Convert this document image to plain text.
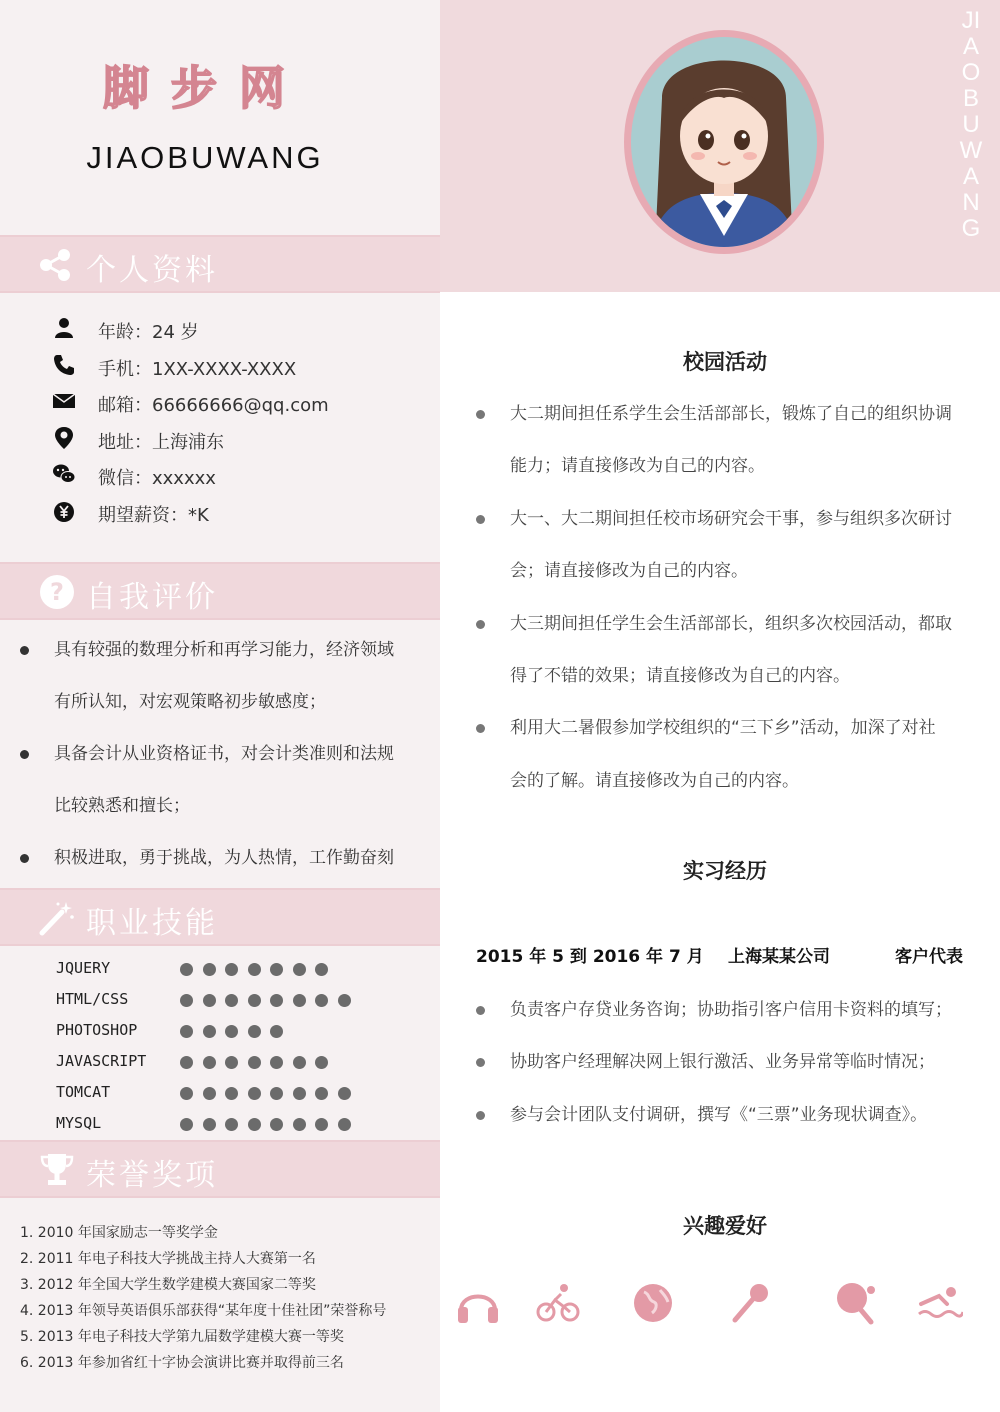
脚步网
JIAOBUWANG
个人资料
年龄：24 岁
手机：1XX-XXXX-XXXX
邮箱：66666666@qq.com
地址：上海浦东
微信：xxxxxx
期望薪资：*K
? 自我评价
具有较强的数理分析和再学习能力，经济领域
有所认知，对宏观策略初步敏感度；
具备会计从业资格证书，对会计类准则和法规
比较熟悉和擅长；
积极进取，勇于挑战，为人热情，工作勤奋刻
职业技能
JQUERY
HTML/CSS
PHOTOSHOP
JAVASCRIPT
TOMCAT
MYSQL
荣誉奖项
1. 2010 年国家励志一等奖学金
2. 2011 年电子科技大学挑战主持人大赛第一名
3. 2012 年全国大学生数学建模大赛国家二等奖
4. 2013 年领导英语俱乐部获得“某年度十佳社团”荣誉称号
5. 2013 年电子科技大学第九届数学建模大赛一等奖
6. 2013 年参加省红十字协会演讲比赛并取得前三名
JIAOBUWANG
校园活动
大二期间担任系学生会生活部部长，锻炼了自己的组织协调
能力；请直接修改为自己的内容。
大一、大二期间担任校市场研究会干事，参与组织多次研讨
会；请直接修改为自己的内容。
大三期间担任学生会生活部部长，组织多次校园活动，都取
得了不错的效果；请直接修改为自己的内容。
利用大二暑假参加学校组织的“三下乡”活动，加深了对社
会的了解。请直接修改为自己的内容。
实习经历
2015 年 5 到 2016 年 7 月 上海某某公司	客户代表
负责客户存贷业务咨询；协助指引客户信用卡资料的填写；
协助客户经理解决网上银行激活、业务异常等临时情况；
参与会计团队支付调研，撰写《“三票”业务现状调查》。
兴趣爱好
